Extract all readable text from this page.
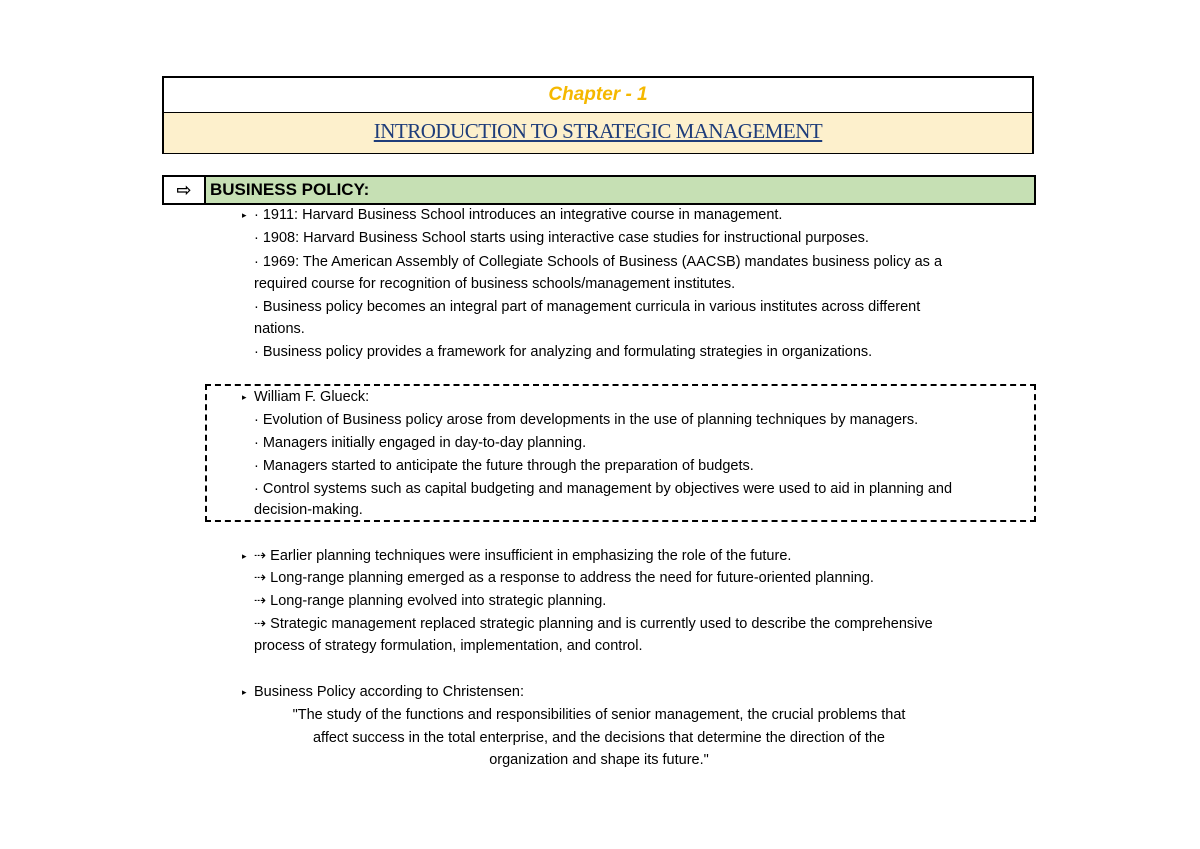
Chapter - 1
INTRODUCTION TO STRATEGIC MANAGEMENT
⇨	BUSINESS POLICY:
▸ · 1911: Harvard Business School introduces an integrative course in management.
· 1908: Harvard Business School starts using interactive case studies for instructional purposes.
· 1969: The American Assembly of Collegiate Schools of Business (AACSB) mandates business policy as a
required course for recognition of business schools/management institutes.
· Business policy becomes an integral part of management curricula in various institutes across different
nations.
· Business policy provides a framework for analyzing and formulating strategies in organizations.
▸ William F. Glueck:
· Evolution of Business policy arose from developments in the use of planning techniques by managers.
· Managers initially engaged in day-to-day planning.
· Managers started to anticipate the future through the preparation of budgets.
· Control systems such as capital budgeting and management by objectives were used to aid in planning and
decision-making.
▸ ⇢ Earlier planning techniques were insufficient in emphasizing the role of the future.
⇢ Long-range planning emerged as a response to address the need for future-oriented planning.
⇢ Long-range planning evolved into strategic planning.
⇢ Strategic management replaced strategic planning and is currently used to describe the comprehensive
process of strategy formulation, implementation, and control.
▸ Business Policy according to Christensen:
"The study of the functions and responsibilities of senior management, the crucial problems that
affect success in the total enterprise, and the decisions that determine the direction of the
organization and shape its future."
